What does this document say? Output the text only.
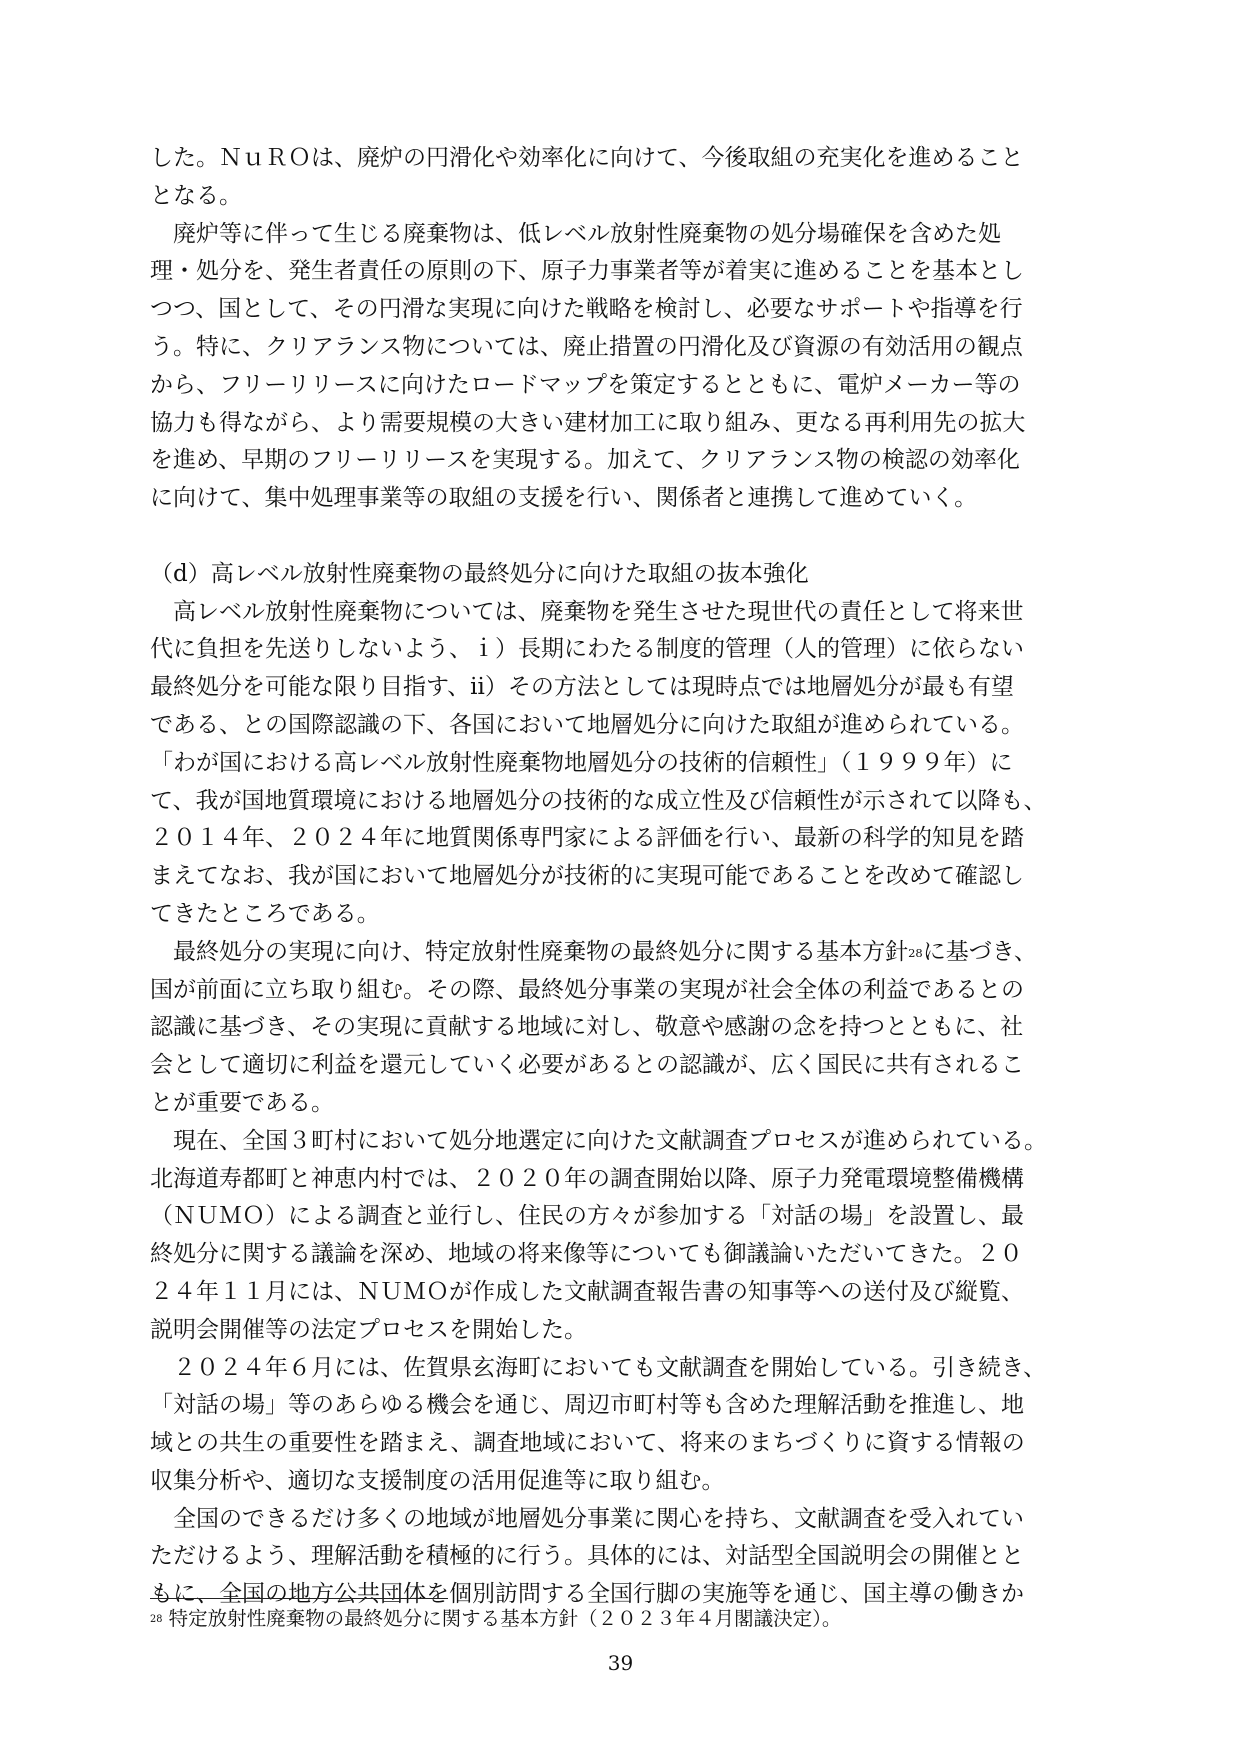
した。ＮｕＲＯは、廃炉の円滑化や効率化に向けて、今後取組の充実化を進めること
となる。
　廃炉等に伴って生じる廃棄物は、低レベル放射性廃棄物の処分場確保を含めた処
理・処分を、発生者責任の原則の下、原子力事業者等が着実に進めることを基本とし
つつ、国として、その円滑な実現に向けた戦略を検討し、必要なサポートや指導を行
う。特に、クリアランス物については、廃止措置の円滑化及び資源の有効活用の観点
から、フリーリリースに向けたロードマップを策定するとともに、電炉メーカー等の
協力も得ながら、より需要規模の大きい建材加工に取り組み、更なる再利用先の拡大
を進め、早期のフリーリリースを実現する。加えて、クリアランス物の検認の効率化
に向けて、集中処理事業等の取組の支援を行い、関係者と連携して進めていく。
（d）高レベル放射性廃棄物の最終処分に向けた取組の抜本強化
　高レベル放射性廃棄物については、廃棄物を発生させた現世代の責任として将来世
代に負担を先送りしないよう、ｉ）長期にわたる制度的管理（人的管理）に依らない
最終処分を可能な限り目指す、ⅱ）その方法としては現時点では地層処分が最も有望
である、との国際認識の下、各国において地層処分に向けた取組が進められている。
「わが国における高レベル放射性廃棄物地層処分の技術的信頼性」（１９９９年）に
て、我が国地質環境における地層処分の技術的な成立性及び信頼性が示されて以降も、
２０１４年、２０２４年に地質関係専門家による評価を行い、最新の科学的知見を踏
まえてなお、我が国において地層処分が技術的に実現可能であることを改めて確認し
てきたところである。
　最終処分の実現に向け、特定放射性廃棄物の最終処分に関する基本方針$^{28}$に基づき、
国が前面に立ち取り組む。その際、最終処分事業の実現が社会全体の利益であるとの
認識に基づき、その実現に貢献する地域に対し、敬意や感謝の念を持つとともに、社
会として適切に利益を還元していく必要があるとの認識が、広く国民に共有されるこ
とが重要である。
　現在、全国３町村において処分地選定に向けた文献調査プロセスが進められている。
北海道寿都町と神恵内村では、２０２０年の調査開始以降、原子力発電環境整備機構
（ＮＵＭＯ）による調査と並行し、住民の方々が参加する「対話の場」を設置し、最
終処分に関する議論を深め、地域の将来像等についても御議論いただいてきた。２０
２４年１１月には、ＮＵＭＯが作成した文献調査報告書の知事等への送付及び縦覧、
説明会開催等の法定プロセスを開始した。
　２０２４年６月には、佐賀県玄海町においても文献調査を開始している。引き続き、
「対話の場」等のあらゆる機会を通じ、周辺市町村等も含めた理解活動を推進し、地
域との共生の重要性を踏まえ、調査地域において、将来のまちづくりに資する情報の
収集分析や、適切な支援制度の活用促進等に取り組む。
　全国のできるだけ多くの地域が地層処分事業に関心を持ち、文献調査を受入れてい
ただけるよう、理解活動を積極的に行う。具体的には、対話型全国説明会の開催とと
もに、全国の地方公共団体を個別訪問する全国行脚の実施等を通じ、国主導の働きか
$^{28}$ 特定放射性廃棄物の最終処分に関する基本方針（２０２３年４月閣議決定）。
39
